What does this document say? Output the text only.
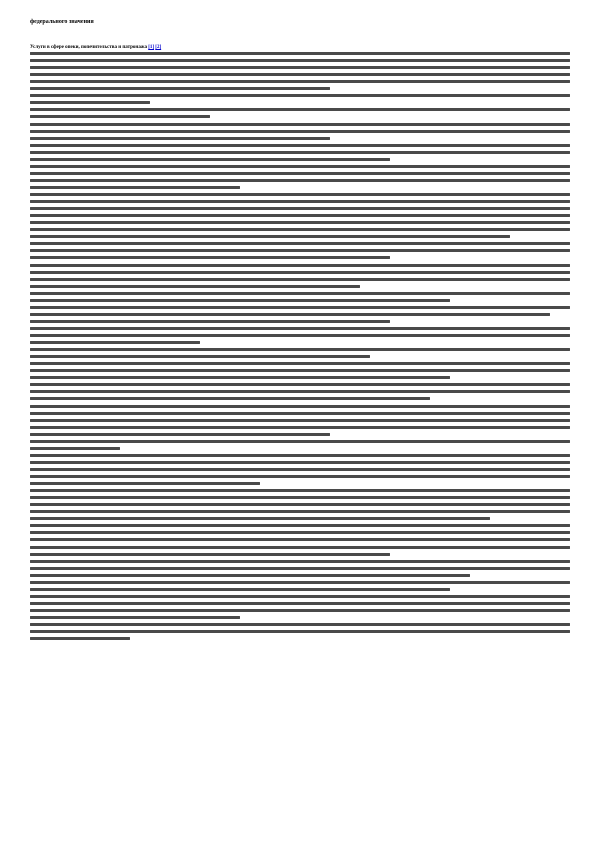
федерального значения
Услуги в сфере опеки, попечительства и патронажа [1] [2]
